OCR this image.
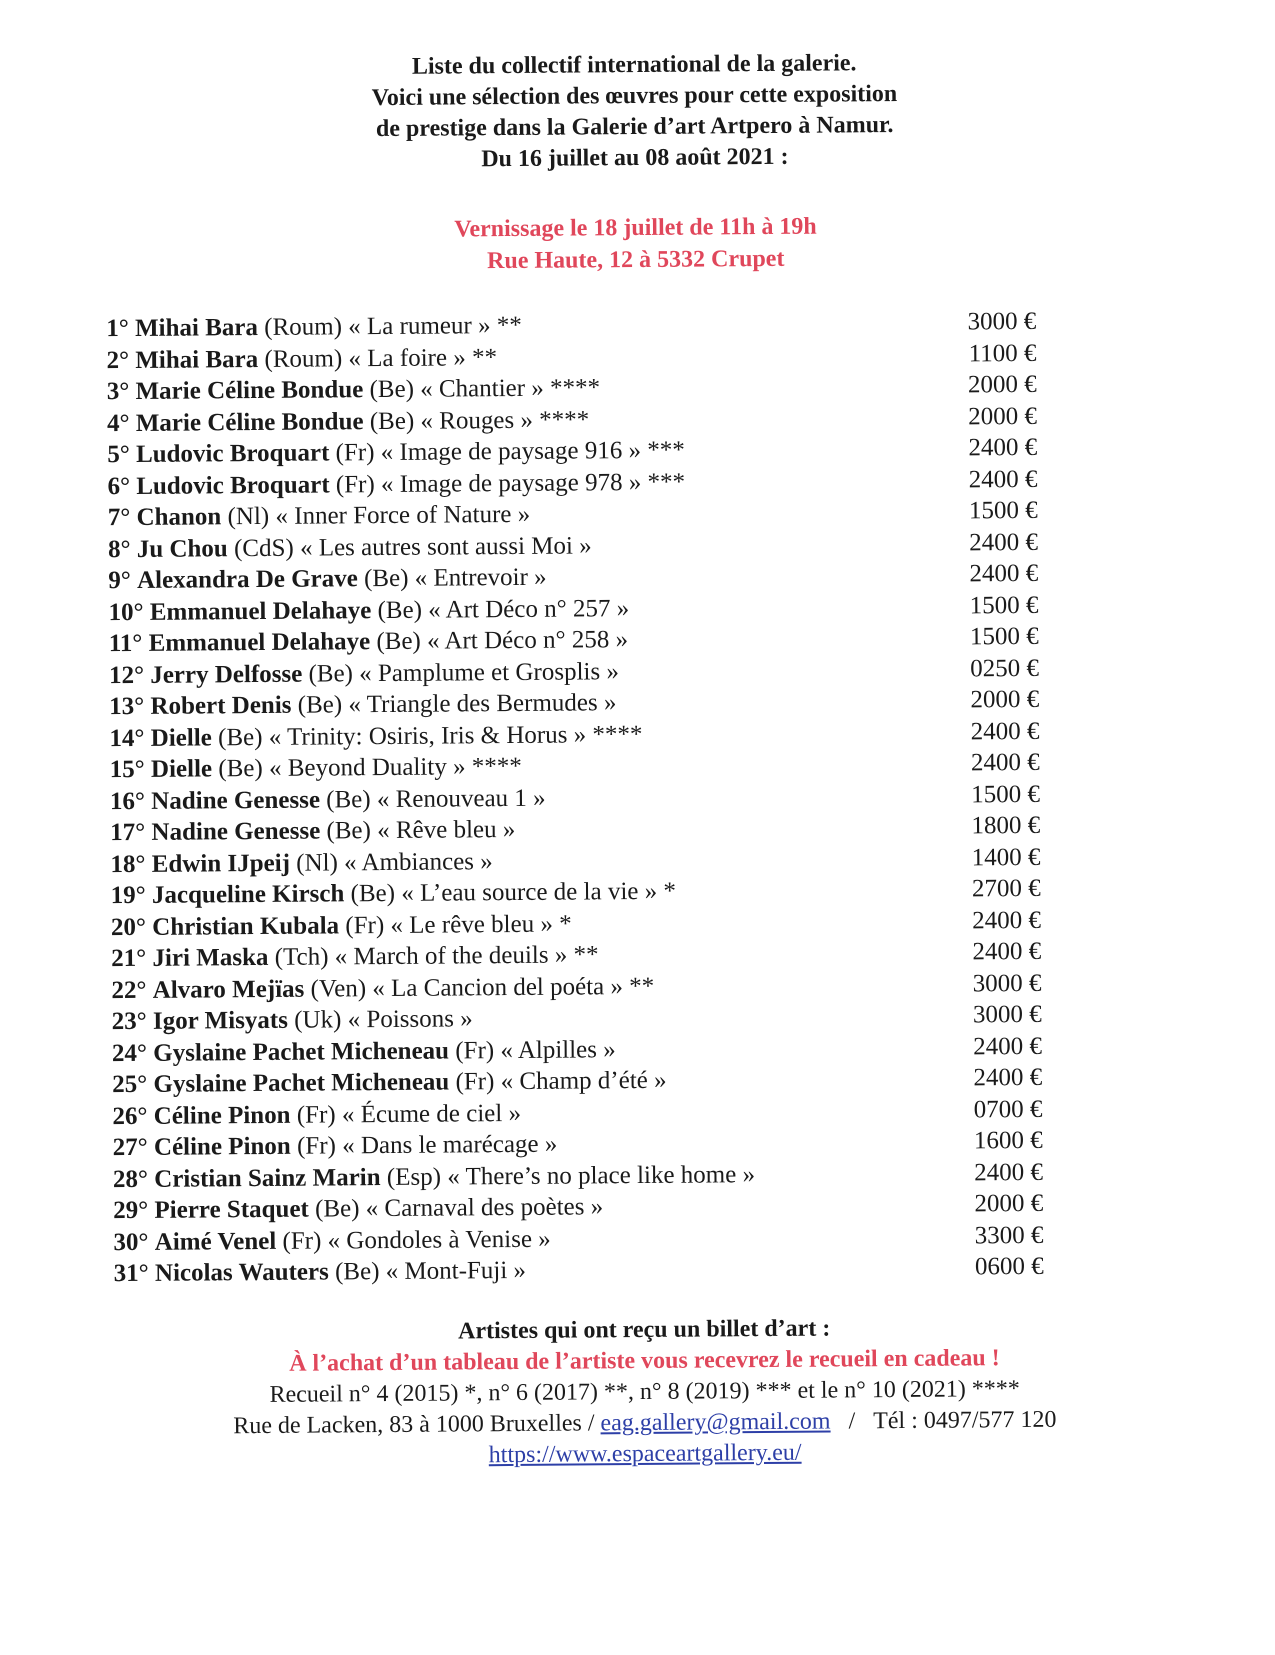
Liste du collectif international de la galerie.
Voici une sélection des œuvres pour cette exposition
de prestige dans la Galerie d’art Artpero à Namur.
Du 16 juillet au 08 août 2021 :
Vernissage le 18 juillet de 11h à 19h
Rue Haute, 12 à 5332 Crupet
1° Mihai Bara (Roum) « La rumeur » **	3000 €
2° Mihai Bara (Roum) « La foire » **	1100 €
3° Marie Céline Bondue (Be) « Chantier » ****	2000 €
4° Marie Céline Bondue (Be) « Rouges » ****	2000 €
5° Ludovic Broquart (Fr) « Image de paysage 916 » ***	2400 €
6° Ludovic Broquart (Fr) « Image de paysage 978 » ***	2400 €
7° Chanon (Nl) « Inner Force of Nature »	1500 €
8° Ju Chou (CdS) « Les autres sont aussi Moi »	2400 €
9° Alexandra De Grave (Be) « Entrevoir »	2400 €
10° Emmanuel Delahaye (Be) « Art Déco n° 257 »	1500 €
11° Emmanuel Delahaye (Be) « Art Déco n° 258 »	1500 €
12° Jerry Delfosse (Be) « Pamplume et Grosplis »	0250 €
13° Robert Denis (Be) « Triangle des Bermudes »	2000 €
14° Dielle (Be) « Trinity: Osiris, Iris & Horus » ****	2400 €
15° Dielle (Be) « Beyond Duality » ****	2400 €
16° Nadine Genesse (Be) « Renouveau 1 »	1500 €
17° Nadine Genesse (Be) « Rêve bleu »	1800 €
18° Edwin IJpeij (Nl) « Ambiances »	1400 €
19° Jacqueline Kirsch (Be) « L’eau source de la vie » *	2700 €
20° Christian Kubala (Fr) « Le rêve bleu » *	2400 €
21° Jiri Maska (Tch) « March of the deuils » **	2400 €
22° Alvaro Mejïas (Ven) « La Cancion del poéta » **	3000 €
23° Igor Misyats (Uk) « Poissons »	3000 €
24° Gyslaine Pachet Micheneau (Fr) « Alpilles »	2400 €
25° Gyslaine Pachet Micheneau (Fr) « Champ d’été »	2400 €
26° Céline Pinon (Fr) « Écume de ciel »	0700 €
27° Céline Pinon (Fr) « Dans le marécage »	1600 €
28° Cristian Sainz Marin (Esp) « There’s no place like home »	2400 €
29° Pierre Staquet (Be) « Carnaval des poètes »	2000 €
30° Aimé Venel (Fr) « Gondoles à Venise »	3300 €
31° Nicolas Wauters (Be) « Mont-Fuji »	0600 €
Artistes qui ont reçu un billet d’art :
À l’achat d’un tableau de l’artiste vous recevrez le recueil en cadeau !
Recueil n° 4 (2015) *, n° 6 (2017) **, n° 8 (2019) *** et le n° 10 (2021) ****
Rue de Lacken, 83 à 1000 Bruxelles / eag.gallery@gmail.com / Tél : 0497/577 120
https://www.espaceartgallery.eu/
